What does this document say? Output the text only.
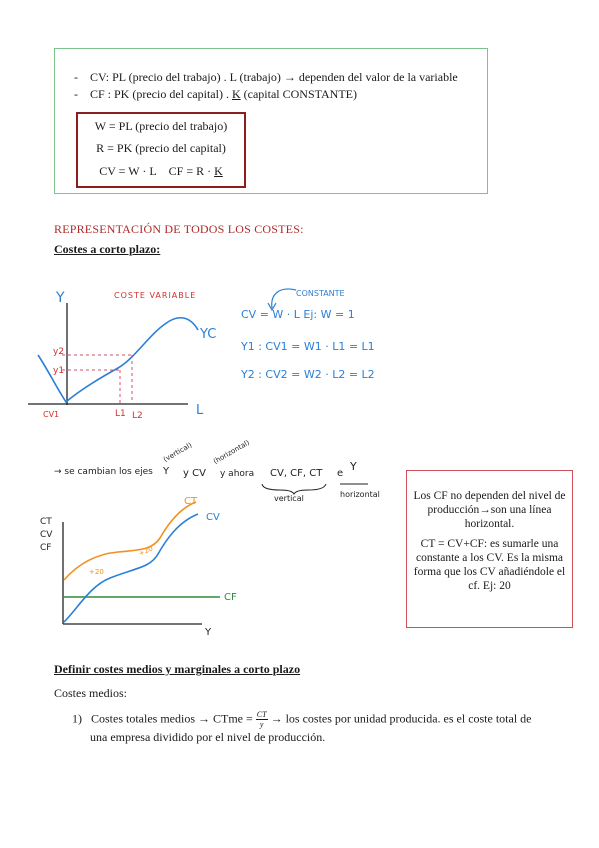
- CV: PL (precio del trabajo) . L (trabajo) → dependen del valor de la variable
- CF : PK (precio del capital) . K (capital CONSTANTE)
W = PL (precio del trabajo)
R = PK (precio del capital)
CV = W · L CF = R · K
REPRESENTACIÓN DE TODOS LOS COSTES:
Costes a corto plazo:
Y	COSTE VARIABLE
L
YC
y2
y1
CV1	L1 L2
CONSTANTE
CV = W · L Ej: W = 1
Y1 : CV1 = W1 · L1 = L1
Y2 : CV2 = W2 · L2 = L2
→ se cambian los ejes Y
(vertical)
y CV
(horizontal)
y ahora CV, CF, CT e
Y
vertical	horizontal
CT
CV
CF
Y
CF
CV
CT
+20
+20

Los CF no dependen del nivel de producción→son una línea horizontal.

CT = CV+CF: es sumarle una constante a los CV. Es la misma forma que los CV añadiéndole el cf. Ej: 20

Definir costes medios y marginales a corto plazo
Costes medios:
1) Costes totales medios → CTme = $\frac{CT}{y}$ → los costes por unidad producida. es el coste total de
una empresa dividido por el nivel de producción.
